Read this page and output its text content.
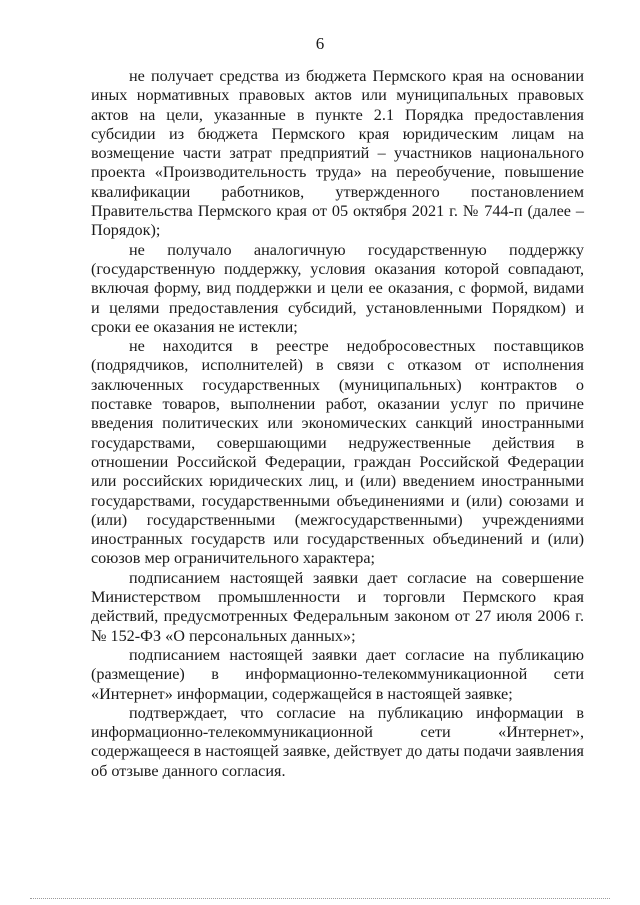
6

не получает средства из бюджета Пермского края на основании иных нормативных правовых актов или муниципальных правовых актов на цели, указанные в пункте 2.1 Порядка предоставления субсидии из бюджета Пермского края юридическим лицам на возмещение части затрат предприятий – участников национального проекта «Производительность труда» на переобучение, повышение квалификации работников, утвержденного постановлением Правительства Пермского края от 05 октября 2021 г. № 744-п (далее – Порядок);

не получало аналогичную государственную поддержку (государственную поддержку, условия оказания которой совпадают, включая форму, вид поддержки и цели ее оказания, с формой, видами и целями предоставления субсидий, установленными Порядком) и сроки ее оказания не истекли;

не находится в реестре недобросовестных поставщиков (подрядчиков, исполнителей) в связи с отказом от исполнения заключенных государственных (муниципальных) контрактов о поставке товаров, выполнении работ, оказании услуг по причине введения политических или экономических санкций иностранными государствами, совершающими недружественные действия в отношении Российской Федерации, граждан Российской Федерации или российских юридических лиц, и (или) введением иностранными государствами, государственными объединениями и (или) союзами и (или) государственными (межгосударственными) учреждениями иностранных государств или государственных объединений и (или) союзов мер ограничительного характера;

подписанием настоящей заявки дает согласие на совершение Министерством промышленности и торговли Пермского края действий, предусмотренных Федеральным законом от 27 июля 2006 г. № 152-ФЗ «О персональных данных»;

подписанием настоящей заявки дает согласие на публикацию (размещение) в информационно-телекоммуникационной сети «Интернет» информации, содержащейся в настоящей заявке;

подтверждает, что согласие на публикацию информации в информационно-телекоммуникационной сети «Интернет», содержащееся в настоящей заявке, действует до даты подачи заявления об отзыве данного согласия.
